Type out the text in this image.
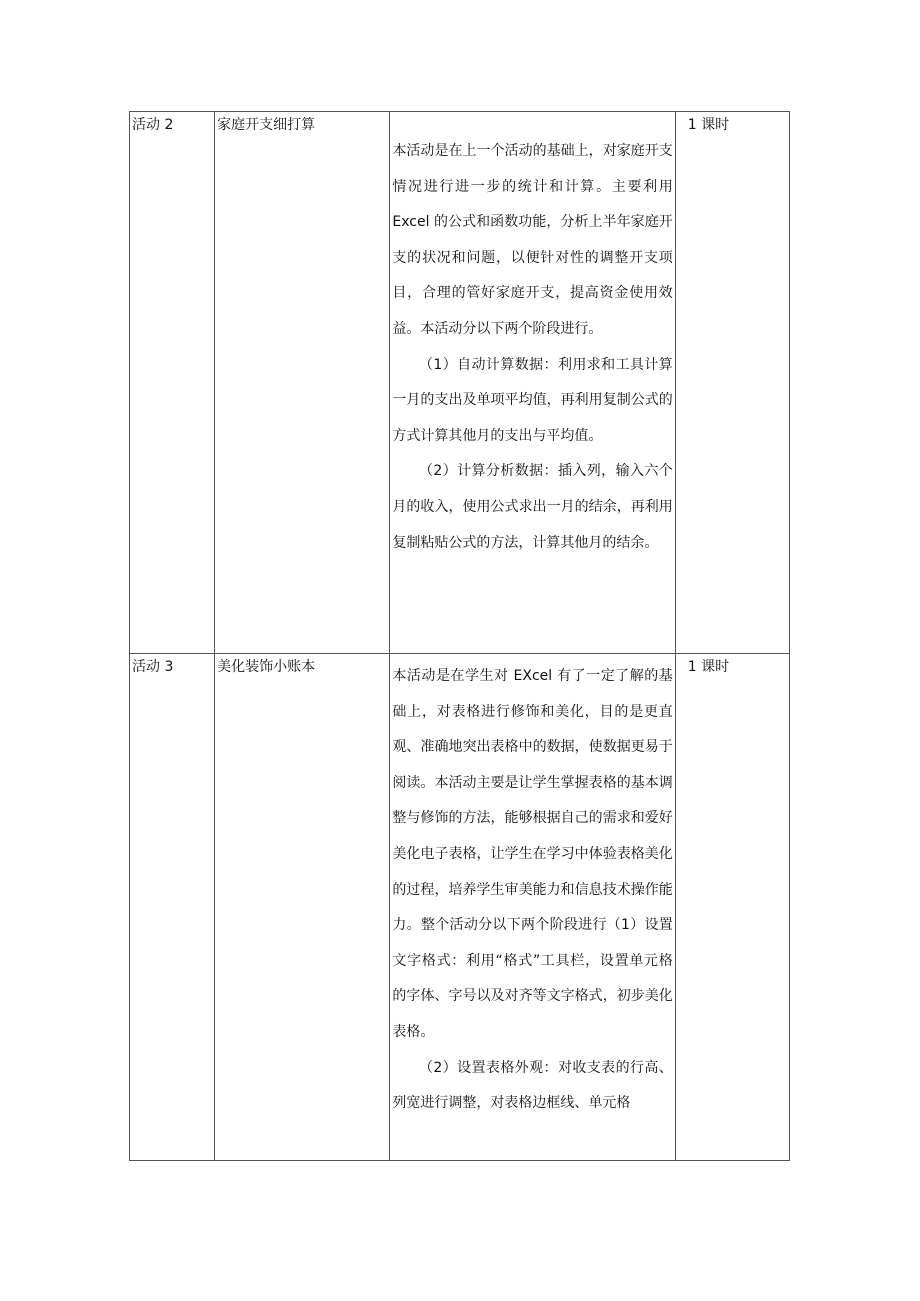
活动 2	家庭开支细打算	本活动是在上一个活动的基础上，对家庭开支情况进行进一步的统计和计算。主要利用 Excel 的公式和函数功能，分析上半年家庭开支的状况和问题，以便针对性的调整开支项目，合理的管好家庭开支，提高资金使用效益。本活动分以下两个阶段进行。

（1）自动计算数据：利用求和工具计算一月的支出及单项平均值，再利用复制公式的方式计算其他月的支出与平均值。

（2）计算分析数据：插入列，输入六个月的收入，使用公式求出一月的结余，再利用复制粘贴公式的方法，计算其他月的结余。	1 课时

活动 3	美化装饰小账本	本活动是在学生对 EXcel 有了一定了解的基础上，对表格进行修饰和美化，目的是更直观、准确地突出表格中的数据，使数据更易于阅读。本活动主要是让学生掌握表格的基本调整与修饰的方法，能够根据自己的需求和爱好美化电子表格，让学生在学习中体验表格美化的过程，培养学生审美能力和信息技术操作能力。整个活动分以下两个阶段进行（1）设置文字格式：利用“格式”工具栏，设置单元格的字体、字号以及对齐等文字格式，初步美化表格。

（2）设置表格外观：对收支表的行高、列宽进行调整，对表格边框线、单元格	1 课时
